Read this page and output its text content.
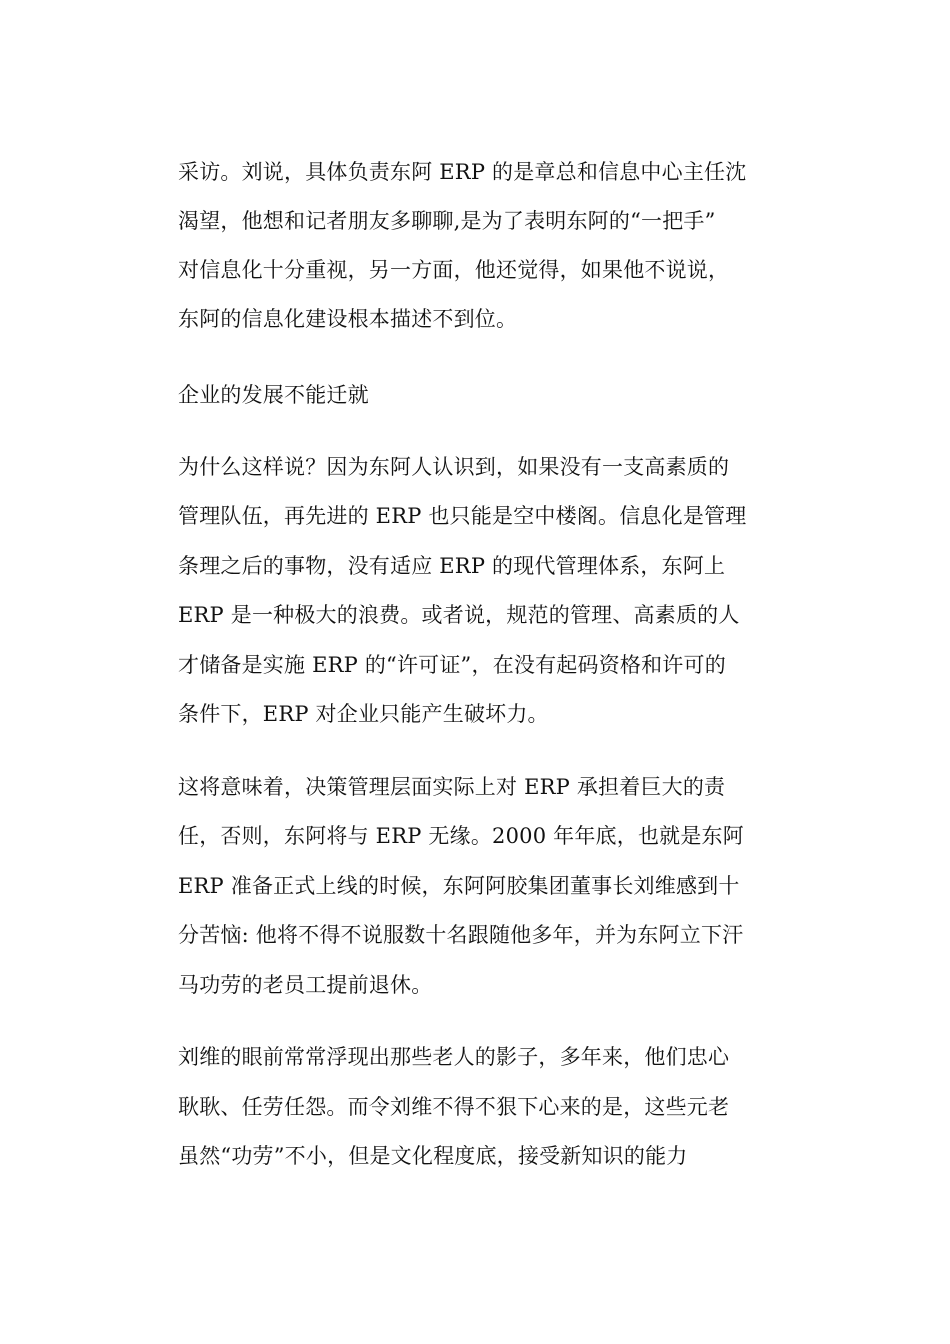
采访。刘说，具体负责东阿 ERP 的是章总和信息中心主任沈
渴望，他想和记者朋友多聊聊,是为了表明东阿的“一把手”
对信息化十分重视，另一方面，他还觉得，如果他不说说，
东阿的信息化建设根本描述不到位。
企业的发展不能迁就
为什么这样说？因为东阿人认识到，如果没有一支高素质的
管理队伍，再先进的 ERP 也只能是空中楼阁。信息化是管理
条理之后的事物，没有适应 ERP 的现代管理体系，东阿上
ERP 是一种极大的浪费。或者说，规范的管理、高素质的人
才储备是实施 ERP 的“许可证”，在没有起码资格和许可的
条件下，ERP 对企业只能产生破坏力。
这将意味着，决策管理层面实际上对 ERP 承担着巨大的责
任，否则，东阿将与 ERP 无缘。2000 年年底，也就是东阿
ERP 准备正式上线的时候，东阿阿胶集团董事长刘维感到十
分苦恼: 他将不得不说服数十名跟随他多年，并为东阿立下汗
马功劳的老员工提前退休。
刘维的眼前常常浮现出那些老人的影子，多年来，他们忠心
耿耿、任劳任怨。而令刘维不得不狠下心来的是，这些元老
虽然“功劳”不小，但是文化程度底，接受新知识的能力
